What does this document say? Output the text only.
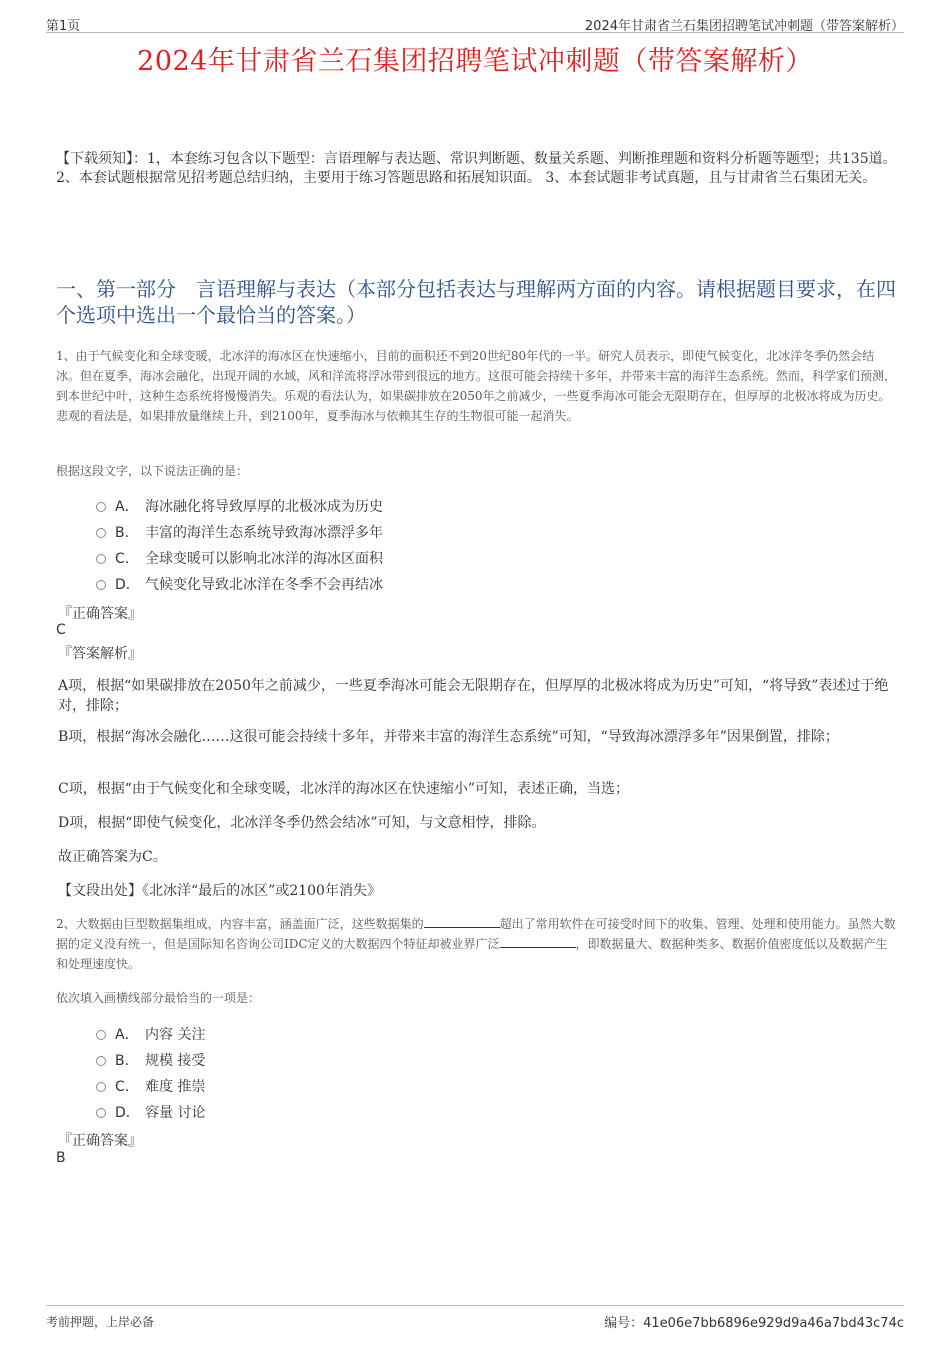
第1页	2024年甘肃省兰石集团招聘笔试冲刺题（带答案解析）
2024年甘肃省兰石集团招聘笔试冲刺题（带答案解析）
【下载须知】：1，本套练习包含以下题型：言语理解与表达题、常识判断题、数量关系题、判断推理题和资料分析题等题型；共135道。 2、本套试题根据常见招考题总结归纳，主要用于练习答题思路和拓展知识面。 3、本套试题非考试真题，且与甘肃省兰石集团无关。
一、第一部分　言语理解与表达（本部分包括表达与理解两方面的内容。请根据题目要求，在四个选项中选出一个最恰当的答案。）
1、由于气候变化和全球变暖，北冰洋的海冰区在快速缩小，目前的面积还不到20世纪80年代的一半。研究人员表示，即使气候变化，北冰洋冬季仍然会结冰。但在夏季，海冰会融化，出现开阔的水域，风和洋流将浮冰带到很远的地方。这很可能会持续十多年，并带来丰富的海洋生态系统。然而，科学家们预测，到本世纪中叶，这种生态系统将慢慢消失。乐观的看法认为，如果碳排放在2050年之前减少，一些夏季海冰可能会无限期存在，但厚厚的北极冰将成为历史。悲观的看法是，如果排放量继续上升，到2100年，夏季海冰与依赖其生存的生物很可能一起消失。
根据这段文字，以下说法正确的是：
A． 海冰融化将导致厚厚的北极冰成为历史
B． 丰富的海洋生态系统导致海冰漂浮多年
C． 全球变暖可以影响北冰洋的海冰区面积
D． 气候变化导致北冰洋在冬季不会再结冰
『正确答案』
C
『答案解析』
A项，根据“如果碳排放在2050年之前减少，一些夏季海冰可能会无限期存在，但厚厚的北极冰将成为历史”可知，“将导致”表述过于绝对，排除；
B项，根据“海冰会融化……这很可能会持续十多年，并带来丰富的海洋生态系统”可知，“导致海冰漂浮多年”因果倒置，排除；
C项，根据“由于气候变化和全球变暖，北冰洋的海冰区在快速缩小”可知，表述正确，当选；
D项，根据“即使气候变化，北冰洋冬季仍然会结冰”可知，与文意相悖，排除。
故正确答案为C。
【文段出处】《北冰洋“最后的冰区”或2100年消失》
2、大数据由巨型数据集组成，内容丰富，涵盖面广泛，这些数据集的	超出了常用软件在可接受时间下的收集、管理、处理和使用能力。虽然大数据的定义没有统一，但是国际知名咨询公司IDC定义的大数据四个特征却被业界广泛	，即数据量大、数据种类多、数据价值密度低以及数据产生和处理速度快。
依次填入画横线部分最恰当的一项是：
A． 内容 关注
B． 规模 接受
C． 难度 推崇
D． 容量 讨论
『正确答案』
B
考前押题，上岸必备	编号：41e06e7bb6896e929d9a46a7bd43c74c
